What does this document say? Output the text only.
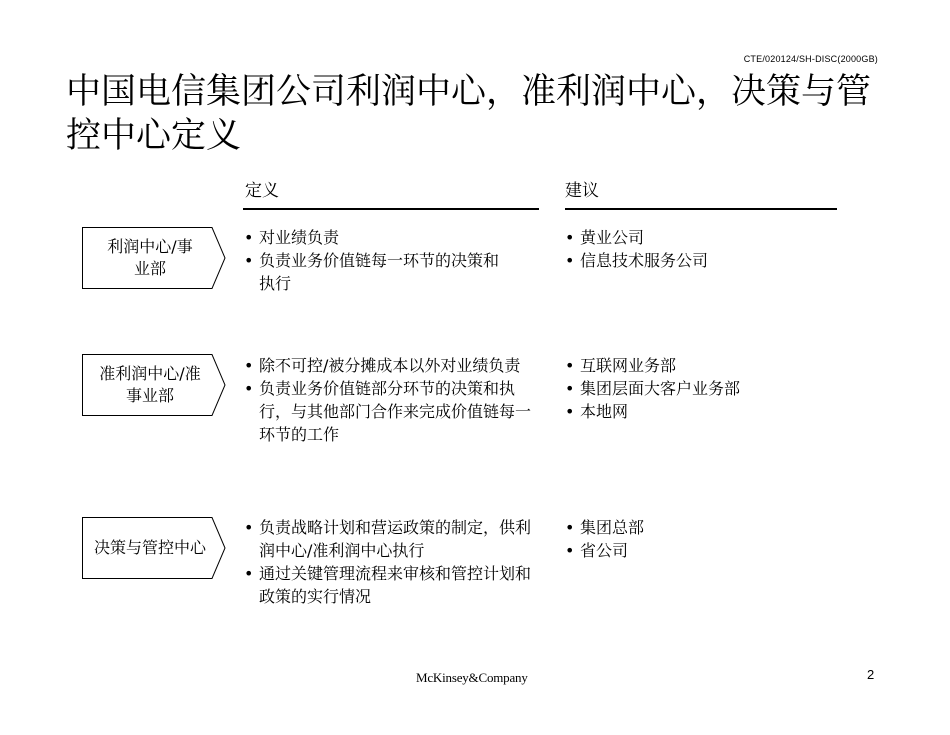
CTE/020124/SH-DISC(2000GB)
中国电信集团公司利润中心，准利润中心，决策与管控中心定义
定义	建议
利润中心/事业部
• 对业绩负责
• 负责业务价值链每一环节的决策和执行
• 黄业公司
• 信息技术服务公司
准利润中心/准事业部
• 除不可控/被分摊成本以外对业绩负责
• 负责业务价值链部分环节的决策和执行，与其他部门合作来完成价值链每一环节的工作
• 互联网业务部
• 集团层面大客户业务部
• 本地网
决策与管控中心
• 负责战略计划和营运政策的制定，供利润中心/准利润中心执行
• 通过关键管理流程来审核和管控计划和政策的实行情况
• 集团总部
• 省公司
McKinsey&Company	2
